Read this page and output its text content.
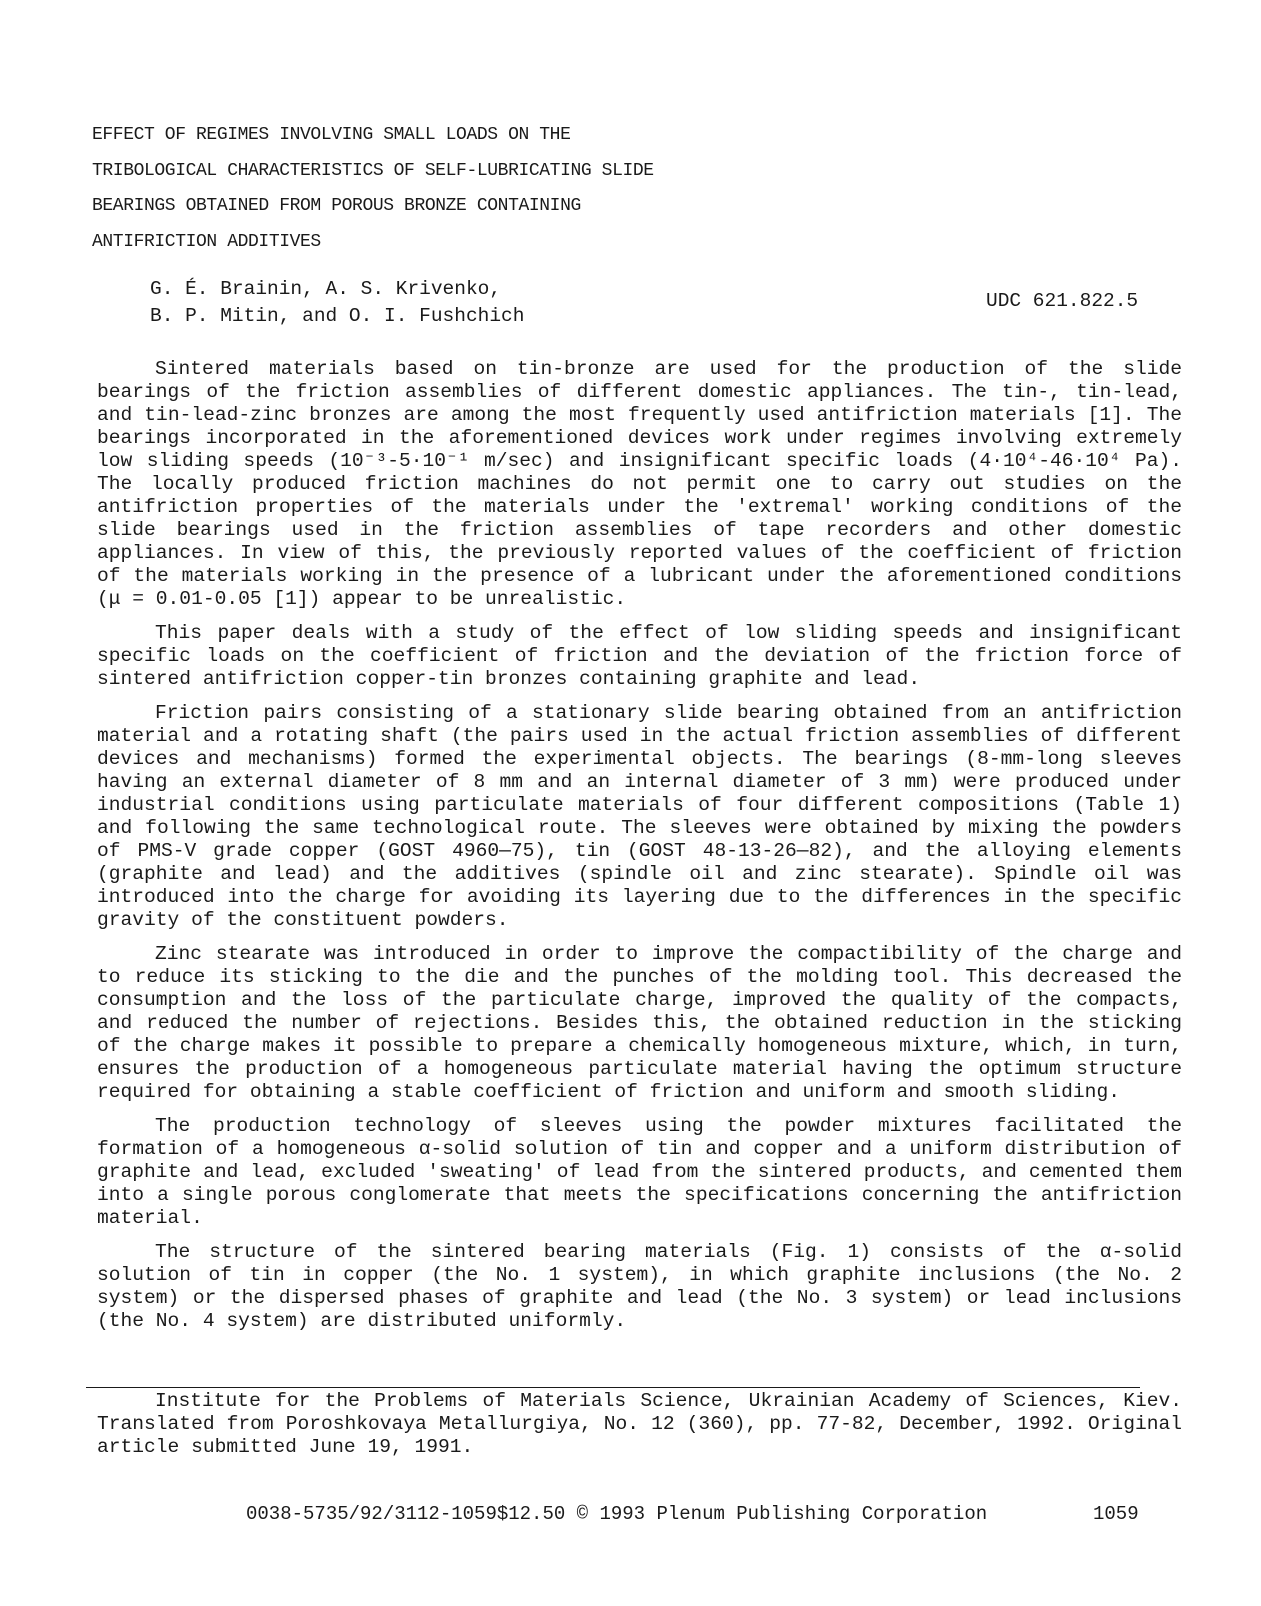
EFFECT OF REGIMES INVOLVING SMALL LOADS ON THE
TRIBOLOGICAL CHARACTERISTICS OF SELF-LUBRICATING SLIDE
BEARINGS OBTAINED FROM POROUS BRONZE CONTAINING
ANTIFRICTION ADDITIVES
G. É. Brainin, A. S. Krivenko,
B. P. Mitin, and O. I. Fushchich
UDC 621.822.5

Sintered materials based on tin-bronze are used for the production of the slide bearings of the friction assemblies of different domestic appliances. The tin-, tin-lead, and tin-lead-zinc bronzes are among the most frequently used antifriction materials [1]. The bearings incorporated in the aforementioned devices work under regimes involving extremely low sliding speeds (10⁻³-5·10⁻¹ m/sec) and insignificant specific loads (4·10⁴-46·10⁴ Pa). The locally produced friction machines do not permit one to carry out studies on the antifriction properties of the materials under the 'extremal' working conditions of the slide bearings used in the friction assemblies of tape recorders and other domestic appliances. In view of this, the previously reported values of the coefficient of friction of the materials working in the presence of a lubricant under the aforementioned conditions (μ = 0.01-0.05 [1]) appear to be unrealistic.

This paper deals with a study of the effect of low sliding speeds and insignificant specific loads on the coefficient of friction and the deviation of the friction force of sintered antifriction copper-tin bronzes containing graphite and lead.

Friction pairs consisting of a stationary slide bearing obtained from an antifriction material and a rotating shaft (the pairs used in the actual friction assemblies of different devices and mechanisms) formed the experimental objects. The bearings (8-mm-long sleeves having an external diameter of 8 mm and an internal diameter of 3 mm) were produced under industrial conditions using particulate materials of four different compositions (Table 1) and following the same technological route. The sleeves were obtained by mixing the powders of PMS-V grade copper (GOST 4960—75), tin (GOST 48-13-26—82), and the alloying elements (graphite and lead) and the additives (spindle oil and zinc stearate). Spindle oil was introduced into the charge for avoiding its layering due to the differences in the specific gravity of the constituent powders.

Zinc stearate was introduced in order to improve the compactibility of the charge and to reduce its sticking to the die and the punches of the molding tool. This decreased the consumption and the loss of the particulate charge, improved the quality of the compacts, and reduced the number of rejections. Besides this, the obtained reduction in the sticking of the charge makes it possible to prepare a chemically homogeneous mixture, which, in turn, ensures the production of a homogeneous particulate material having the optimum structure required for obtaining a stable coefficient of friction and uniform and smooth sliding.

The production technology of sleeves using the powder mixtures facilitated the formation of a homogeneous α-solid solution of tin and copper and a uniform distribution of graphite and lead, excluded 'sweating' of lead from the sintered products, and cemented them into a single porous conglomerate that meets the specifications concerning the antifriction material.

The structure of the sintered bearing materials (Fig. 1) consists of the α-solid solution of tin in copper (the No. 1 system), in which graphite inclusions (the No. 2 system) or the dispersed phases of graphite and lead (the No. 3 system) or lead inclusions (the No. 4 system) are distributed uniformly.

Institute for the Problems of Materials Science, Ukrainian Academy of Sciences, Kiev. Translated from Poroshkovaya Metallurgiya, No. 12 (360), pp. 77-82, December, 1992. Original article submitted June 19, 1991.
0038-5735/92/3112-1059$12.50 © 1993 Plenum Publishing Corporation	1059
